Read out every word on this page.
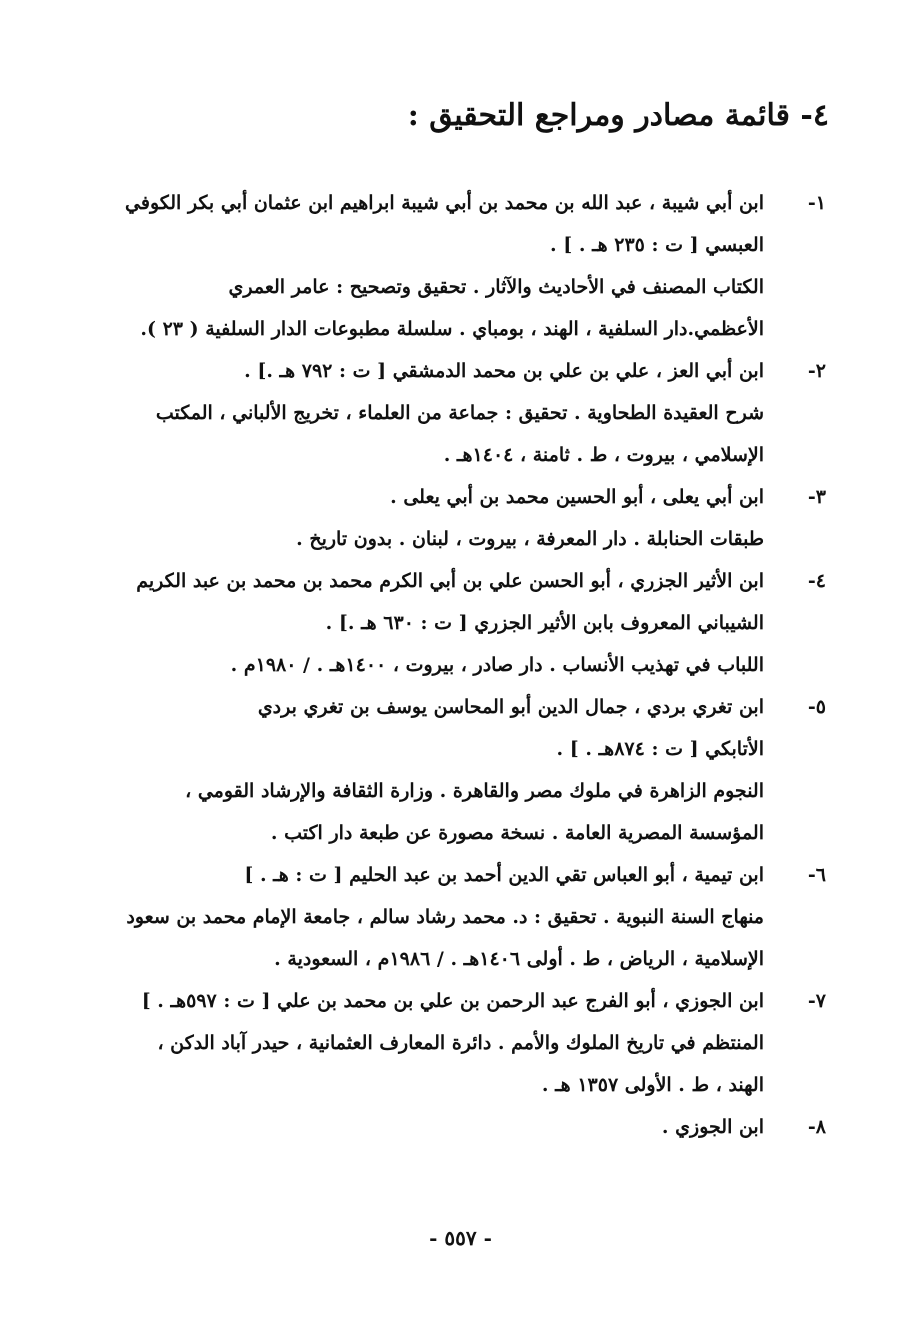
٤- قائمة مصادر ومراجع التحقيق :
١-
ابن أبي شيبة ، عبد الله بن محمد بن أبي شيبة ابراهيم ابن عثمان أبي بكر الكوفي
العبسي [ ت : ٢٣٥ هـ . ] .
الكتاب المصنف في الأحاديث والآثار . تحقيق وتصحيح : عامر العمري
الأعظمي.دار السلفية ، الهند ، بومباي . سلسلة مطبوعات الدار السلفية ( ٢٣ ).
٢-
ابن أبي العز ، علي بن علي بن محمد الدمشقي [ ت : ٧٩٢ هـ .] .
شرح العقيدة الطحاوية . تحقيق : جماعة من العلماء ، تخريج الألباني ، المكتب
الإسلامي ، بيروت ، ط . ثامنة ، ١٤٠٤هـ .
٣-
ابن أبي يعلى ، أبو الحسين محمد بن أبي يعلى .
طبقات الحنابلة . دار المعرفة ، بيروت ، لبنان . بدون تاريخ .
٤-
ابن الأثير الجزري ، أبو الحسن علي بن أبي الكرم محمد بن محمد بن عبد الكريم
الشيباني المعروف بابن الأثير الجزري [ ت : ٦٣٠ هـ .] .
اللباب في تهذيب الأنساب . دار صادر ، بيروت ، ١٤٠٠هـ . / ١٩٨٠م .
٥-
ابن تغري بردي ، جمال الدين أبو المحاسن يوسف بن تغري بردي
الأتابكي [ ت : ٨٧٤هـ . ] .
النجوم الزاهرة في ملوك مصر والقاهرة . وزارة الثقافة والإرشاد القومي ،
المؤسسة المصرية العامة . نسخة مصورة عن طبعة دار اكتب .
٦-
ابن تيمية ، أبو العباس تقي الدين أحمد بن عبد الحليم [ ت : هـ . ]
منهاج السنة النبوية . تحقيق : د. محمد رشاد سالم ، جامعة الإمام محمد بن سعود
الإسلامية ، الرياض ، ط . أولى ١٤٠٦هـ . / ١٩٨٦م ، السعودية .
٧-
ابن الجوزي ، أبو الفرج عبد الرحمن بن علي بن محمد بن علي [ ت : ٥٩٧هـ . ]
المنتظم في تاريخ الملوك والأمم . دائرة المعارف العثمانية ، حيدر آباد الدكن ،
الهند ، ط . الأولى ١٣٥٧ هـ .
٨-
ابن الجوزي .
- ٥٥٧ -
